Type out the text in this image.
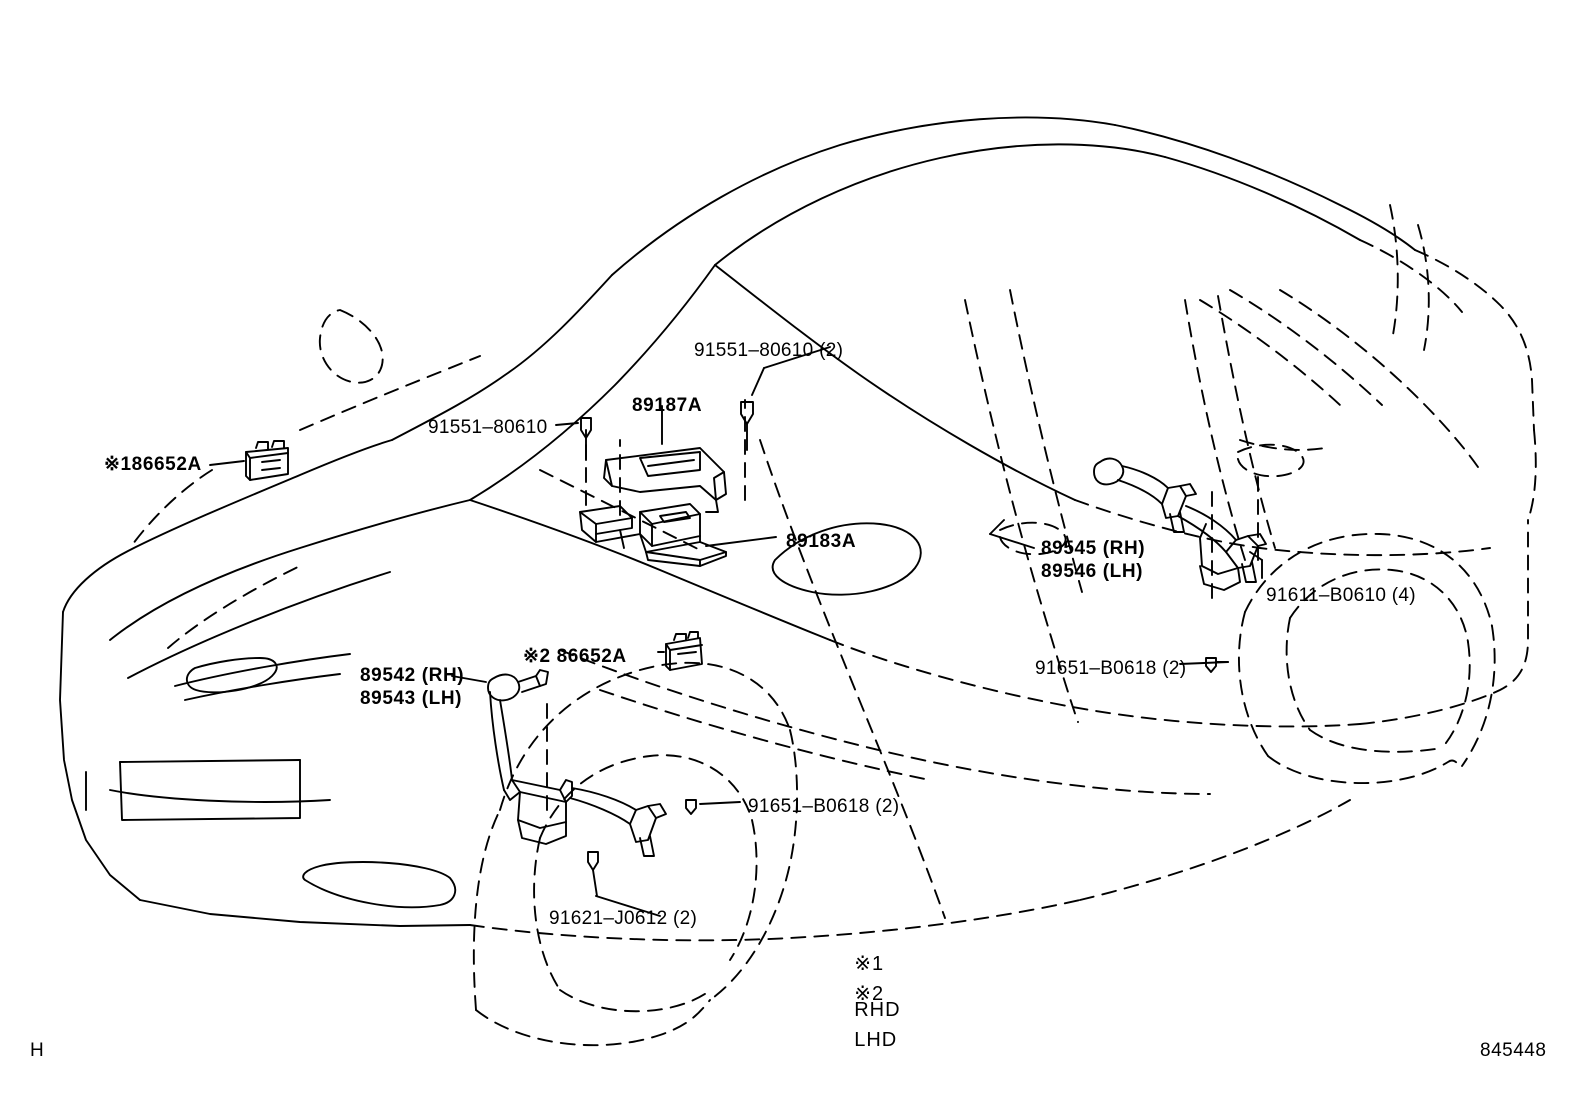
※186652A
91551–80610
89187A
91551–80610 (2)
89183A	89545 (RH)
89546 (LH)
91611–B0610 (4)
※2 86652A
89542 (RH)
89543 (LH)
91651–B0618 (2)
91651–B0618 (2)
91621–J0612 (2)

※1

RHD

※2

LHD

H	845448
